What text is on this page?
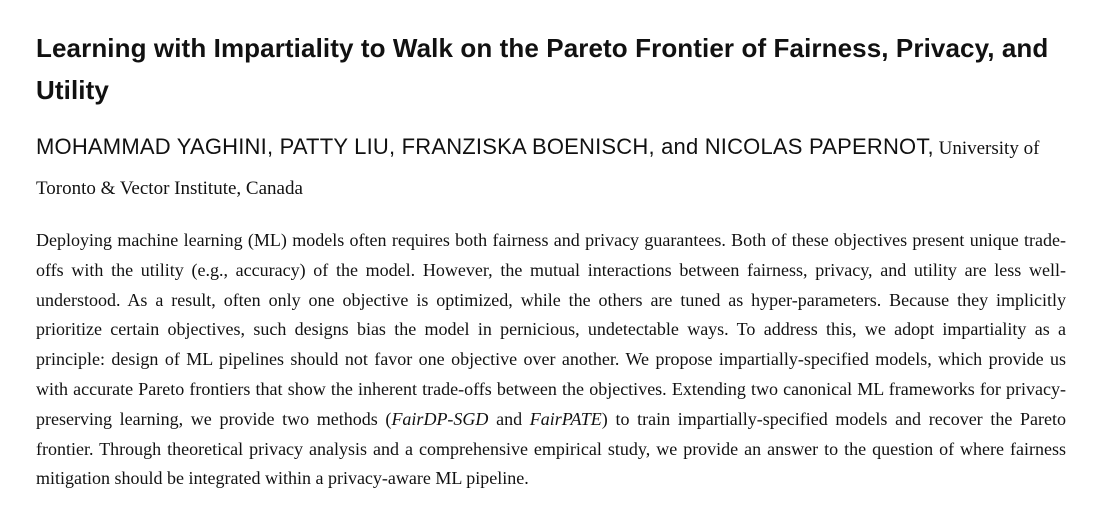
Learning with Impartiality to Walk on the Pareto Frontier of Fairness, Privacy, and Utility
MOHAMMAD YAGHINI, PATTY LIU, FRANZISKA BOENISCH, and NICOLAS PAPERNOT, University of Toronto & Vector Institute, Canada

Deploying machine learning (ML) models often requires both fairness and privacy guarantees. Both of these objectives present unique trade-offs with the utility (e.g., accuracy) of the model. However, the mutual interactions between fairness, privacy, and utility are less well-understood. As a result, often only one objective is optimized, while the others are tuned as hyper-parameters. Because they implicitly prioritize certain objectives, such designs bias the model in pernicious, undetectable ways. To address this, we adopt impartiality as a principle: design of ML pipelines should not favor one objective over another. We propose impartially-specified models, which provide us with accurate Pareto frontiers that show the inherent trade-offs between the objectives. Extending two canonical ML frameworks for privacy-preserving learning, we provide two methods (FairDP-SGD and FairPATE) to train impartially-specified models and recover the Pareto frontier. Through theoretical privacy analysis and a comprehensive empirical study, we provide an answer to the question of where fairness mitigation should be integrated within a privacy-aware ML pipeline.
